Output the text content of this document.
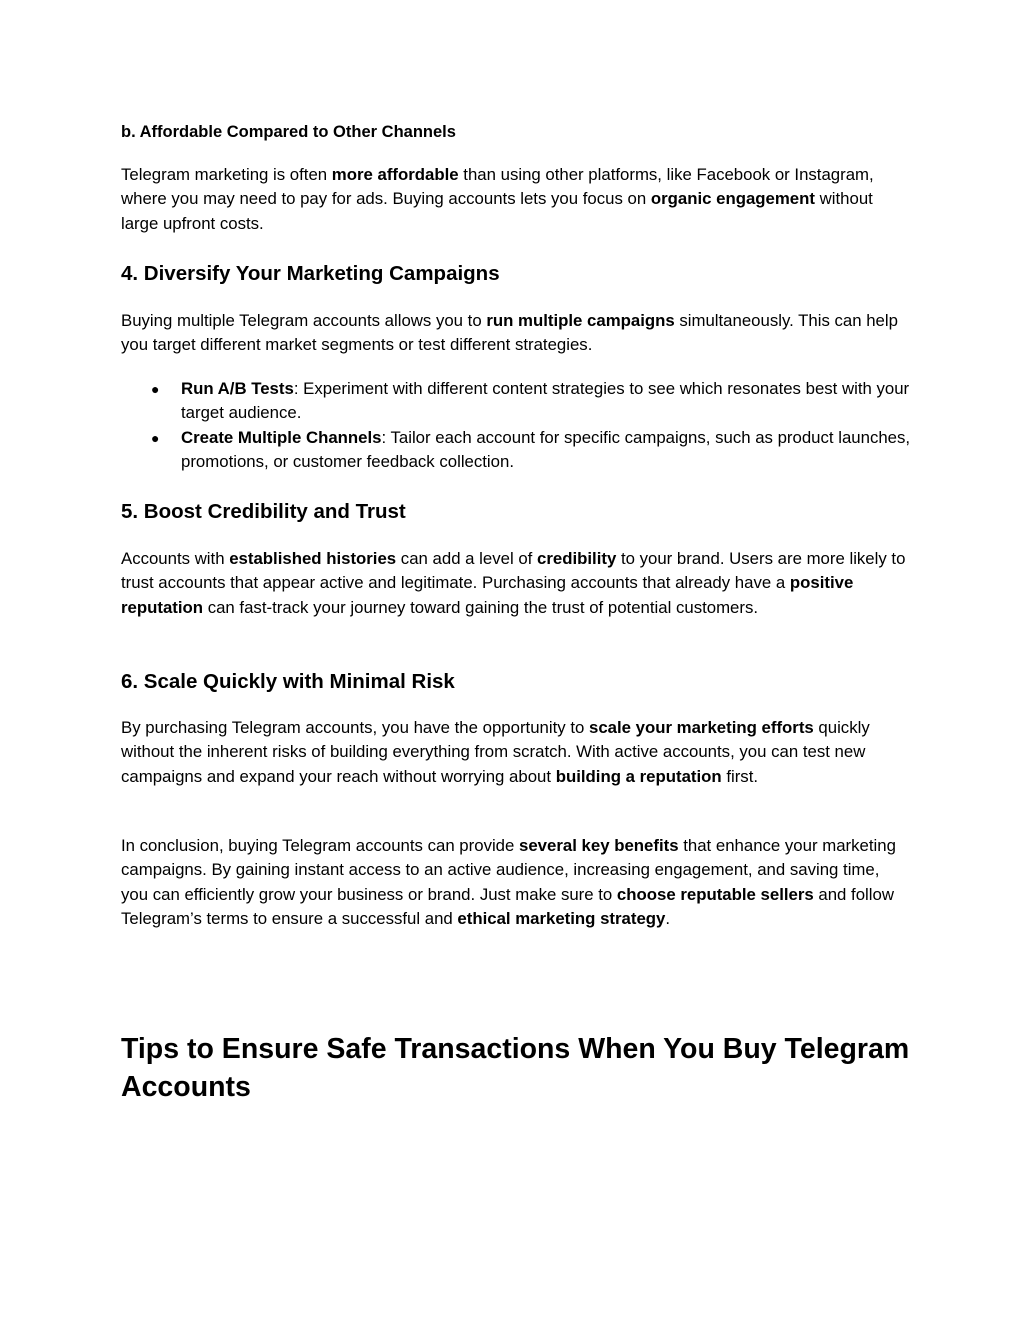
b. Affordable Compared to Other Channels

Telegram marketing is often more affordable than using other platforms, like Facebook or Instagram, where you may need to pay for ads. Buying accounts lets you focus on organic engagement without large upfront costs.

4. Diversify Your Marketing Campaigns

Buying multiple Telegram accounts allows you to run multiple campaigns simultaneously. This can help you target different market segments or test different strategies.

● Run A/B Tests: Experiment with different content strategies to see which resonates best with your target audience.
● Create Multiple Channels: Tailor each account for specific campaigns, such as product launches, promotions, or customer feedback collection.
5. Boost Credibility and Trust

Accounts with established histories can add a level of credibility to your brand. Users are more likely to trust accounts that appear active and legitimate. Purchasing accounts that already have a positive reputation can fast-track your journey toward gaining the trust of potential customers.

6. Scale Quickly with Minimal Risk

By purchasing Telegram accounts, you have the opportunity to scale your marketing efforts quickly without the inherent risks of building everything from scratch. With active accounts, you can test new campaigns and expand your reach without worrying about building a reputation first.

In conclusion, buying Telegram accounts can provide several key benefits that enhance your marketing campaigns. By gaining instant access to an active audience, increasing engagement, and saving time, you can efficiently grow your business or brand. Just make sure to choose reputable sellers and follow Telegram’s terms to ensure a successful and ethical marketing strategy.

Tips to Ensure Safe Transactions When You Buy Telegram Accounts
